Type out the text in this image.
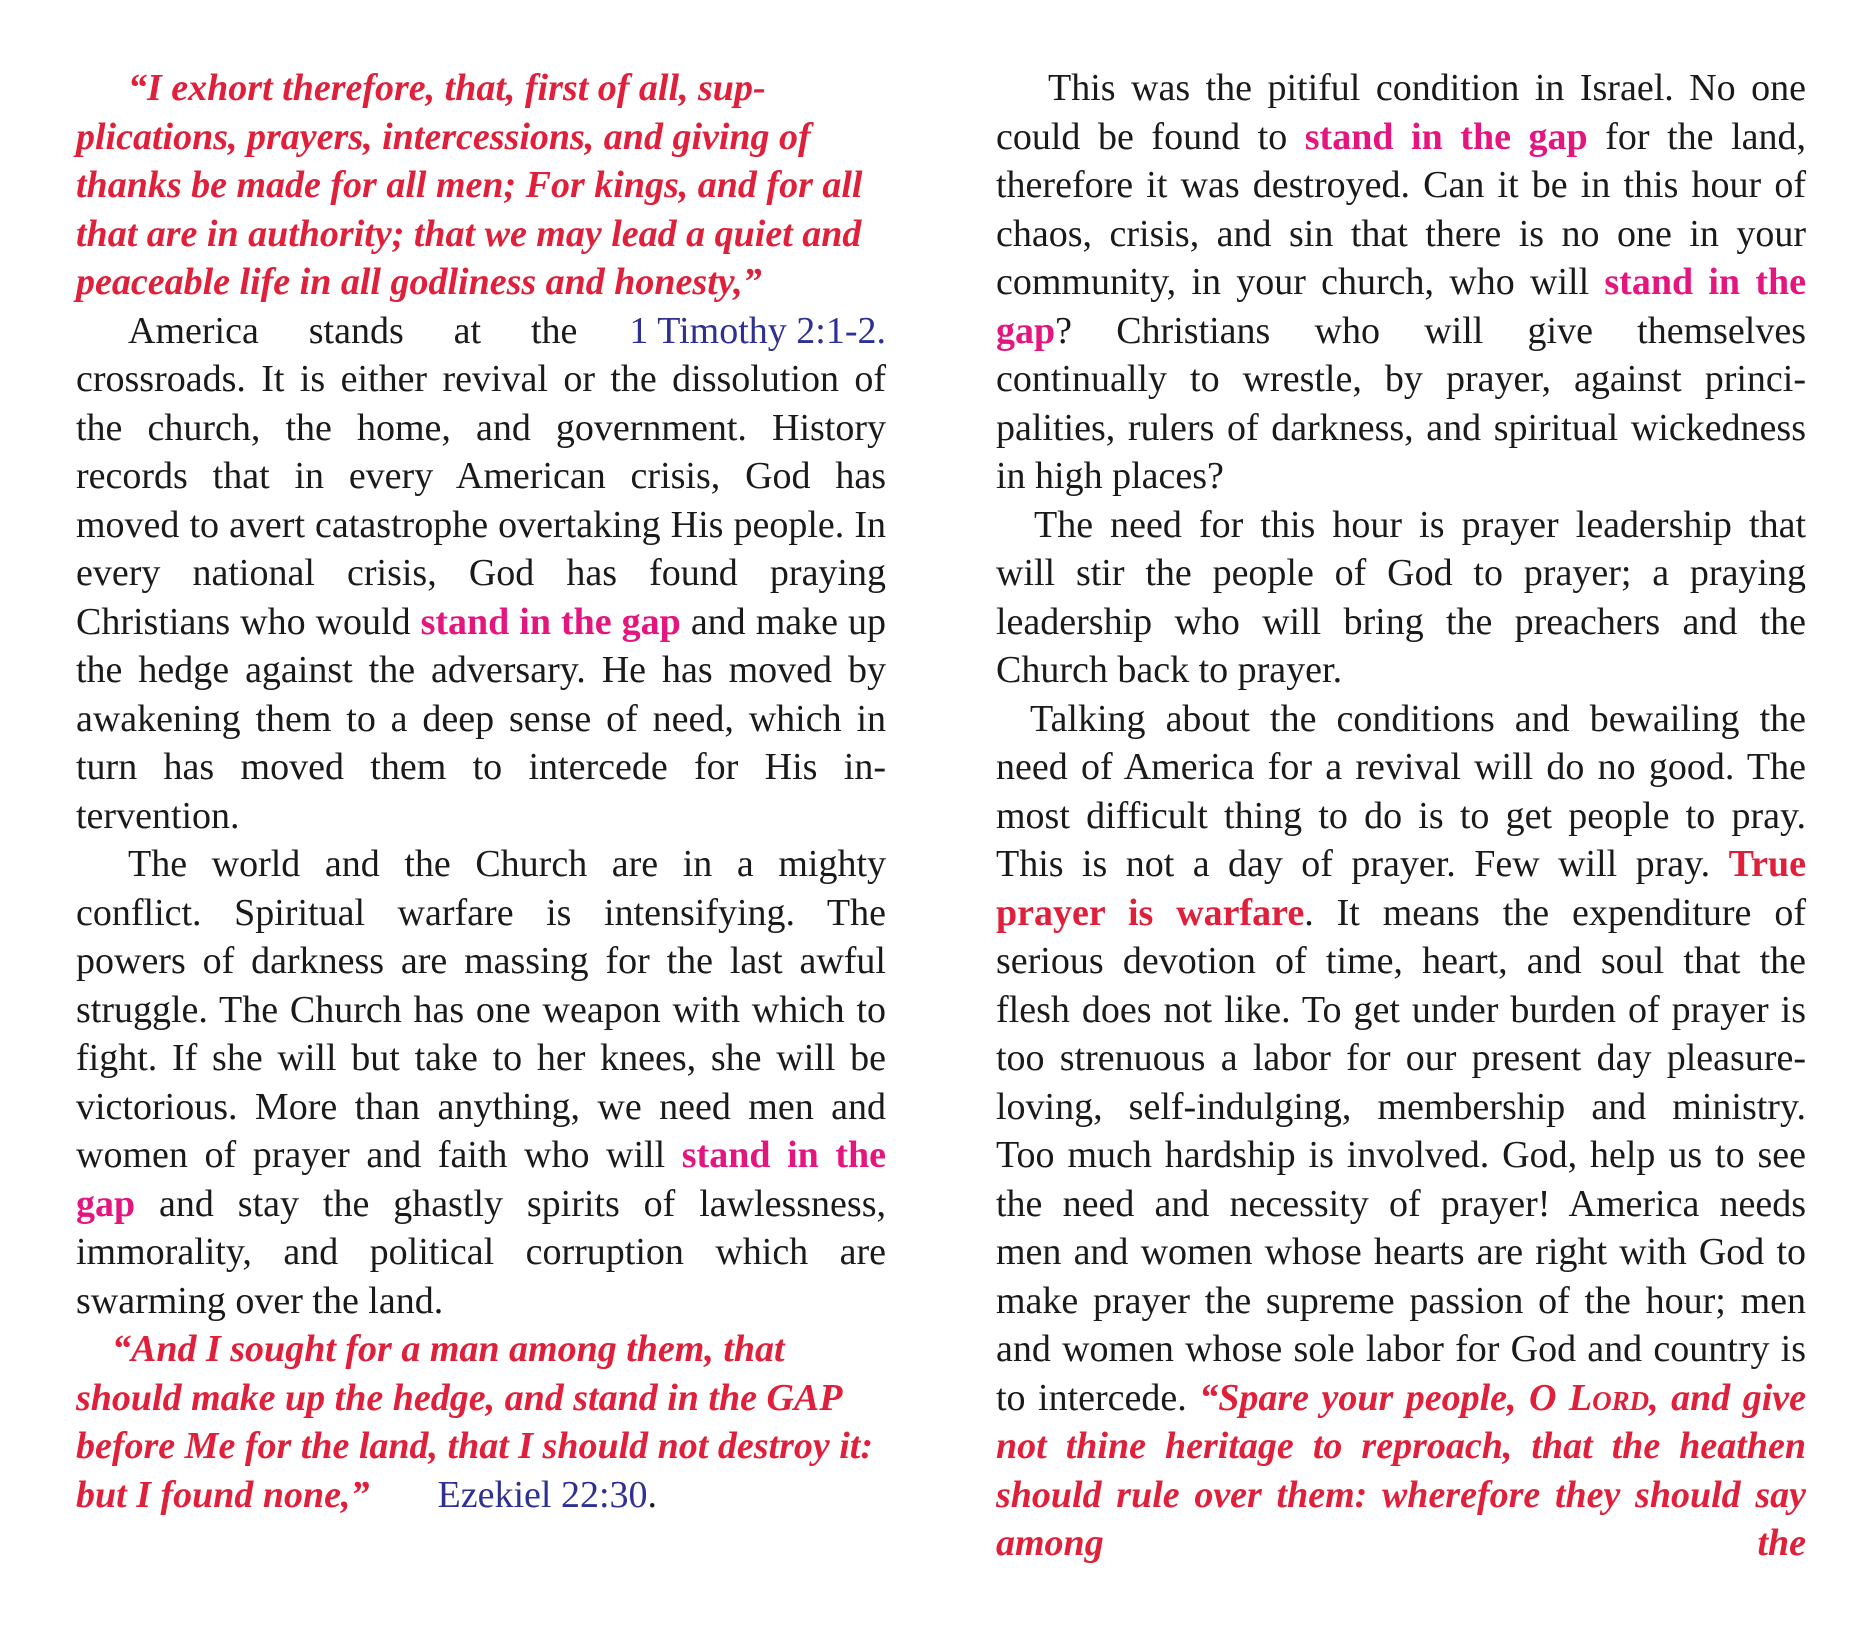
“I exhort therefore, that, first of all, supplications, prayers, intercessions, and giving of thanks be made for all men; For kings, and for all that are in authority; that we may lead a quiet and peaceable life in all godliness and honesty,”
1 Timothy 2:1-2.

America stands at the crossroads. It is either revival or the dissolution of the church, the home, and government. History records that in every American crisis, God has moved to avert catastrophe overtaking His people. In every national crisis, God has found praying Christians who would stand in the gap and make up the hedge against the adversary. He has moved by awakening them to a deep sense of need, which in turn has moved them to intercede for His intervention.

The world and the Church are in a mighty conflict. Spiritual warfare is intensifying. The powers of darkness are massing for the last awful struggle. The Church has one weapon with which to fight. If she will but take to her knees, she will be victorious. More than anything, we need men and women of prayer and faith who will stand in the gap and stay the ghastly spirits of lawlessness, immorality, and political corruption which are swarming over the land.

“And I sought for a man among them, that should make up the hedge, and stand in the GAP before Me for the land, that I should not destroy it: but I found none,” Ezekiel 22:30.

This was the pitiful condition in Israel. No one could be found to stand in the gap for the land, therefore it was destroyed. Can it be in this hour of chaos, crisis, and sin that there is no one in your community, in your church, who will stand in the gap? Christians who will give themselves continually to wrestle, by prayer, against principalities, rulers of darkness, and spiritual wickedness in high places?

The need for this hour is prayer leadership that will stir the people of God to prayer; a praying leadership who will bring the preachers and the Church back to prayer.

Talking about the conditions and bewailing the need of America for a revival will do no good. The most difficult thing to do is to get people to pray. This is not a day of prayer. Few will pray. True prayer is warfare. It means the expenditure of serious devotion of time, heart, and soul that the flesh does not like. To get under burden of prayer is too strenuous a labor for our present day pleasure-loving, self-indulging, membership and ministry. Too much hardship is involved. God, help us to see the need and necessity of prayer! America needs men and women whose hearts are right with God to make prayer the supreme passion of the hour; men and women whose sole labor for God and country is to intercede. “Spare your people, O Lord, and give not thine heritage to reproach, that the heathen should rule over them: wherefore they should say among the
